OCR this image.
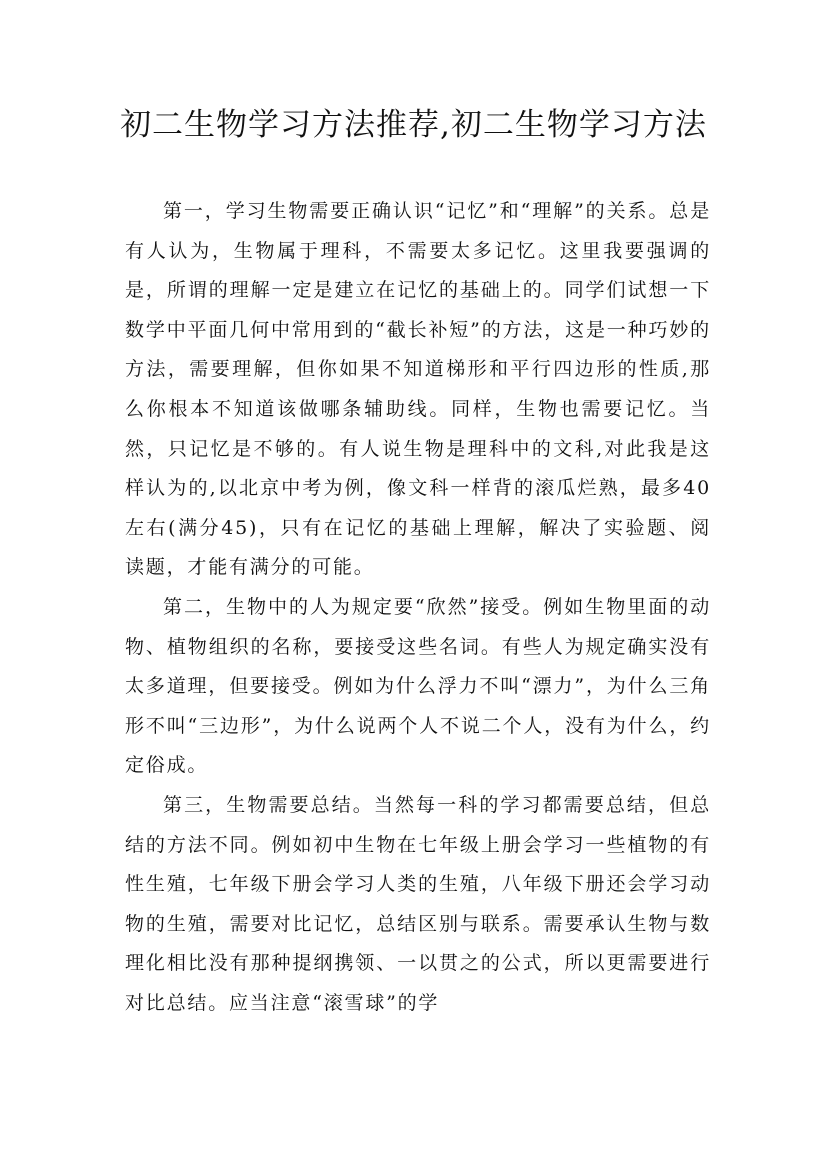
初二生物学习方法推荐,初二生物学习方法

第一，学习生物需要正确认识“记忆”和“理解”的关系。总是有人认为，生物属于理科，不需要太多记忆。这里我要强调的是，所谓的理解一定是建立在记忆的基础上的。同学们试想一下数学中平面几何中常用到的“截长补短”的方法，这是一种巧妙的方法，需要理解，但你如果不知道梯形和平行四边形的性质,那么你根本不知道该做哪条辅助线。同样，生物也需要记忆。当然，只记忆是不够的。有人说生物是理科中的文科,对此我是这样认为的,以北京中考为例，像文科一样背的滚瓜烂熟，最多40左右(满分45)，只有在记忆的基础上理解，解决了实验题、阅读题，才能有满分的可能。

第二，生物中的人为规定要“欣然”接受。例如生物里面的动物、植物组织的名称，要接受这些名词。有些人为规定确实没有太多道理，但要接受。例如为什么浮力不叫“漂力”，为什么三角形不叫“三边形”，为什么说两个人不说二个人，没有为什么，约定俗成。

第三，生物需要总结。当然每一科的学习都需要总结，但总结的方法不同。例如初中生物在七年级上册会学习一些植物的有性生殖，七年级下册会学习人类的生殖，八年级下册还会学习动物的生殖，需要对比记忆，总结区别与联系。需要承认生物与数理化相比没有那种提纲携领、一以贯之的公式，所以更需要进行对比总结。应当注意“滚雪球”的学
